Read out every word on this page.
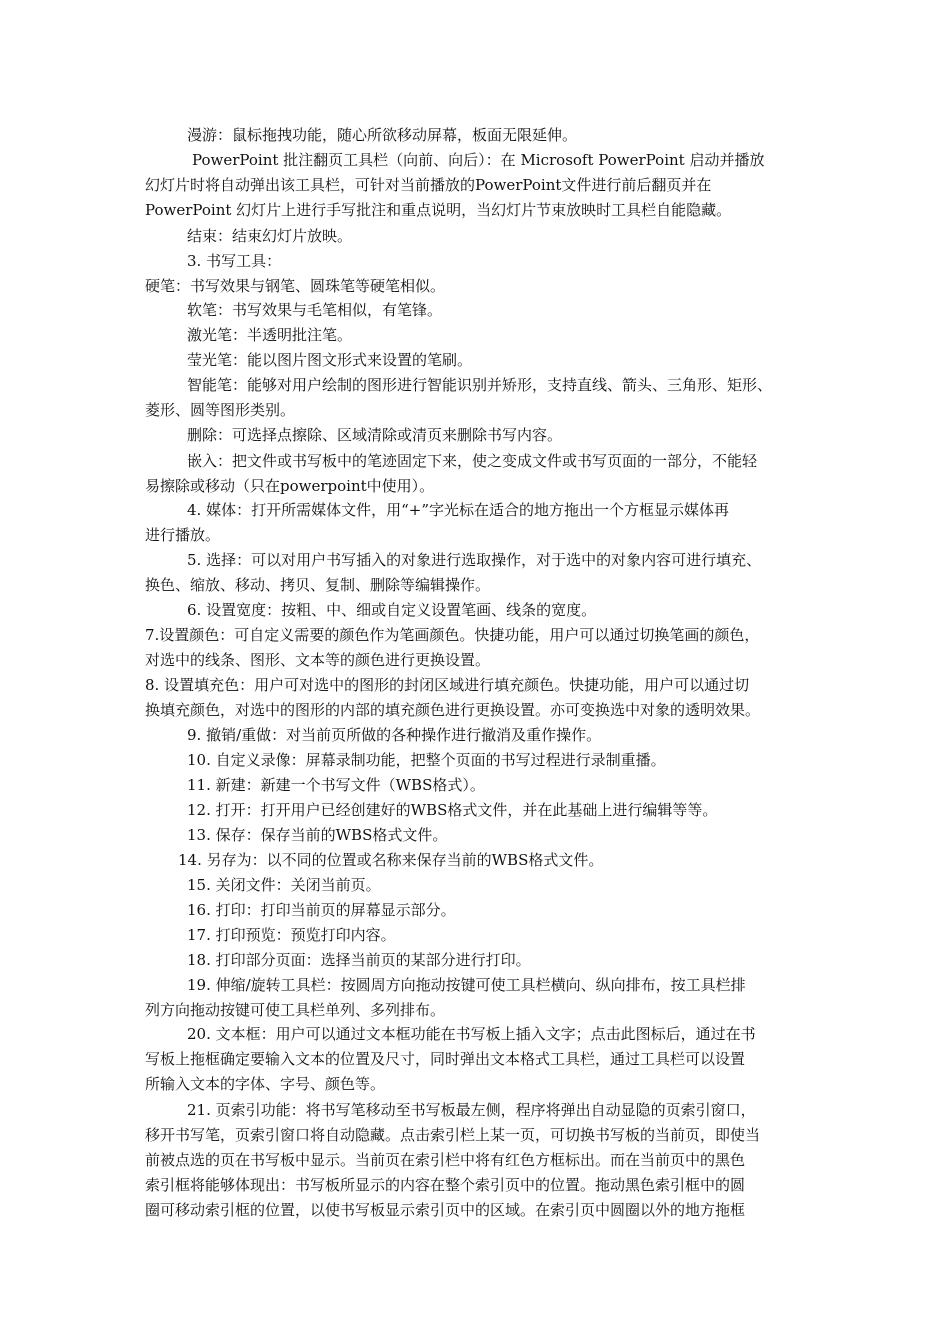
漫游：鼠标拖拽功能，随心所欲移动屏幕，板面无限延伸。

PowerPoint 批注翻页工具栏（向前、向后）：在 Microsoft PowerPoint 启动并播放

幻灯片时将自动弹出该工具栏，可针对当前播放的PowerPoint文件进行前后翻页并在

PowerPoint 幻灯片上进行手写批注和重点说明，当幻灯片节束放映时工具栏自能隐藏。

结束：结束幻灯片放映。

3. 书写工具：

硬笔：书写效果与钢笔、圆珠笔等硬笔相似。

软笔：书写效果与毛笔相似，有笔锋。

激光笔：半透明批注笔。

莹光笔：能以图片图文形式来设置的笔刷。

智能笔：能够对用户绘制的图形进行智能识别并矫形，支持直线、箭头、三角形、矩形、

菱形、圆等图形类别。

删除：可选择点擦除、区域清除或清页来删除书写内容。

嵌入：把文件或书写板中的笔迹固定下来，使之变成文件或书写页面的一部分，不能轻

易擦除或移动（只在powerpoint中使用）。

4. 媒体：打开所需媒体文件，用“+”字光标在适合的地方拖出一个方框显示媒体再

进行播放。

5. 选择：可以对用户书写插入的对象进行选取操作，对于选中的对象内容可进行填充、

换色、缩放、移动、拷贝、复制、删除等编辑操作。

6. 设置宽度：按粗、中、细或自定义设置笔画、线条的宽度。

7.设置颜色：可自定义需要的颜色作为笔画颜色。快捷功能，用户可以通过切换笔画的颜色，

对选中的线条、图形、文本等的颜色进行更换设置。

8. 设置填充色：用户可对选中的图形的封闭区域进行填充颜色。快捷功能，用户可以通过切

换填充颜色，对选中的图形的内部的填充颜色进行更换设置。亦可变换选中对象的透明效果。

9. 撤销/重做：对当前页所做的各种操作进行撤消及重作操作。

10. 自定义录像：屏幕录制功能，把整个页面的书写过程进行录制重播。

11. 新建：新建一个书写文件（WBS格式）。

12. 打开：打开用户已经创建好的WBS格式文件，并在此基础上进行编辑等等。

13. 保存：保存当前的WBS格式文件。

14. 另存为：以不同的位置或名称来保存当前的WBS格式文件。

15. 关闭文件：关闭当前页。

16. 打印：打印当前页的屏幕显示部分。

17. 打印预览：预览打印内容。

18. 打印部分页面：选择当前页的某部分进行打印。

19. 伸缩/旋转工具栏：按圆周方向拖动按键可使工具栏横向、纵向排布，按工具栏排

列方向拖动按键可使工具栏单列、多列排布。

20. 文本框：用户可以通过文本框功能在书写板上插入文字；点击此图标后，通过在书

写板上拖框确定要输入文本的位置及尺寸，同时弹出文本格式工具栏，通过工具栏可以设置

所输入文本的字体、字号、颜色等。

21. 页索引功能：将书写笔移动至书写板最左侧，程序将弹出自动显隐的页索引窗口，

移开书写笔，页索引窗口将自动隐藏。点击索引栏上某一页，可切换书写板的当前页，即使当

前被点选的页在书写板中显示。当前页在索引栏中将有红色方框标出。而在当前页中的黑色

索引框将能够体现出：书写板所显示的内容在整个索引页中的位置。拖动黑色索引框中的圆

圈可移动索引框的位置，以使书写板显示索引页中的区域。在索引页中圆圈以外的地方拖框
